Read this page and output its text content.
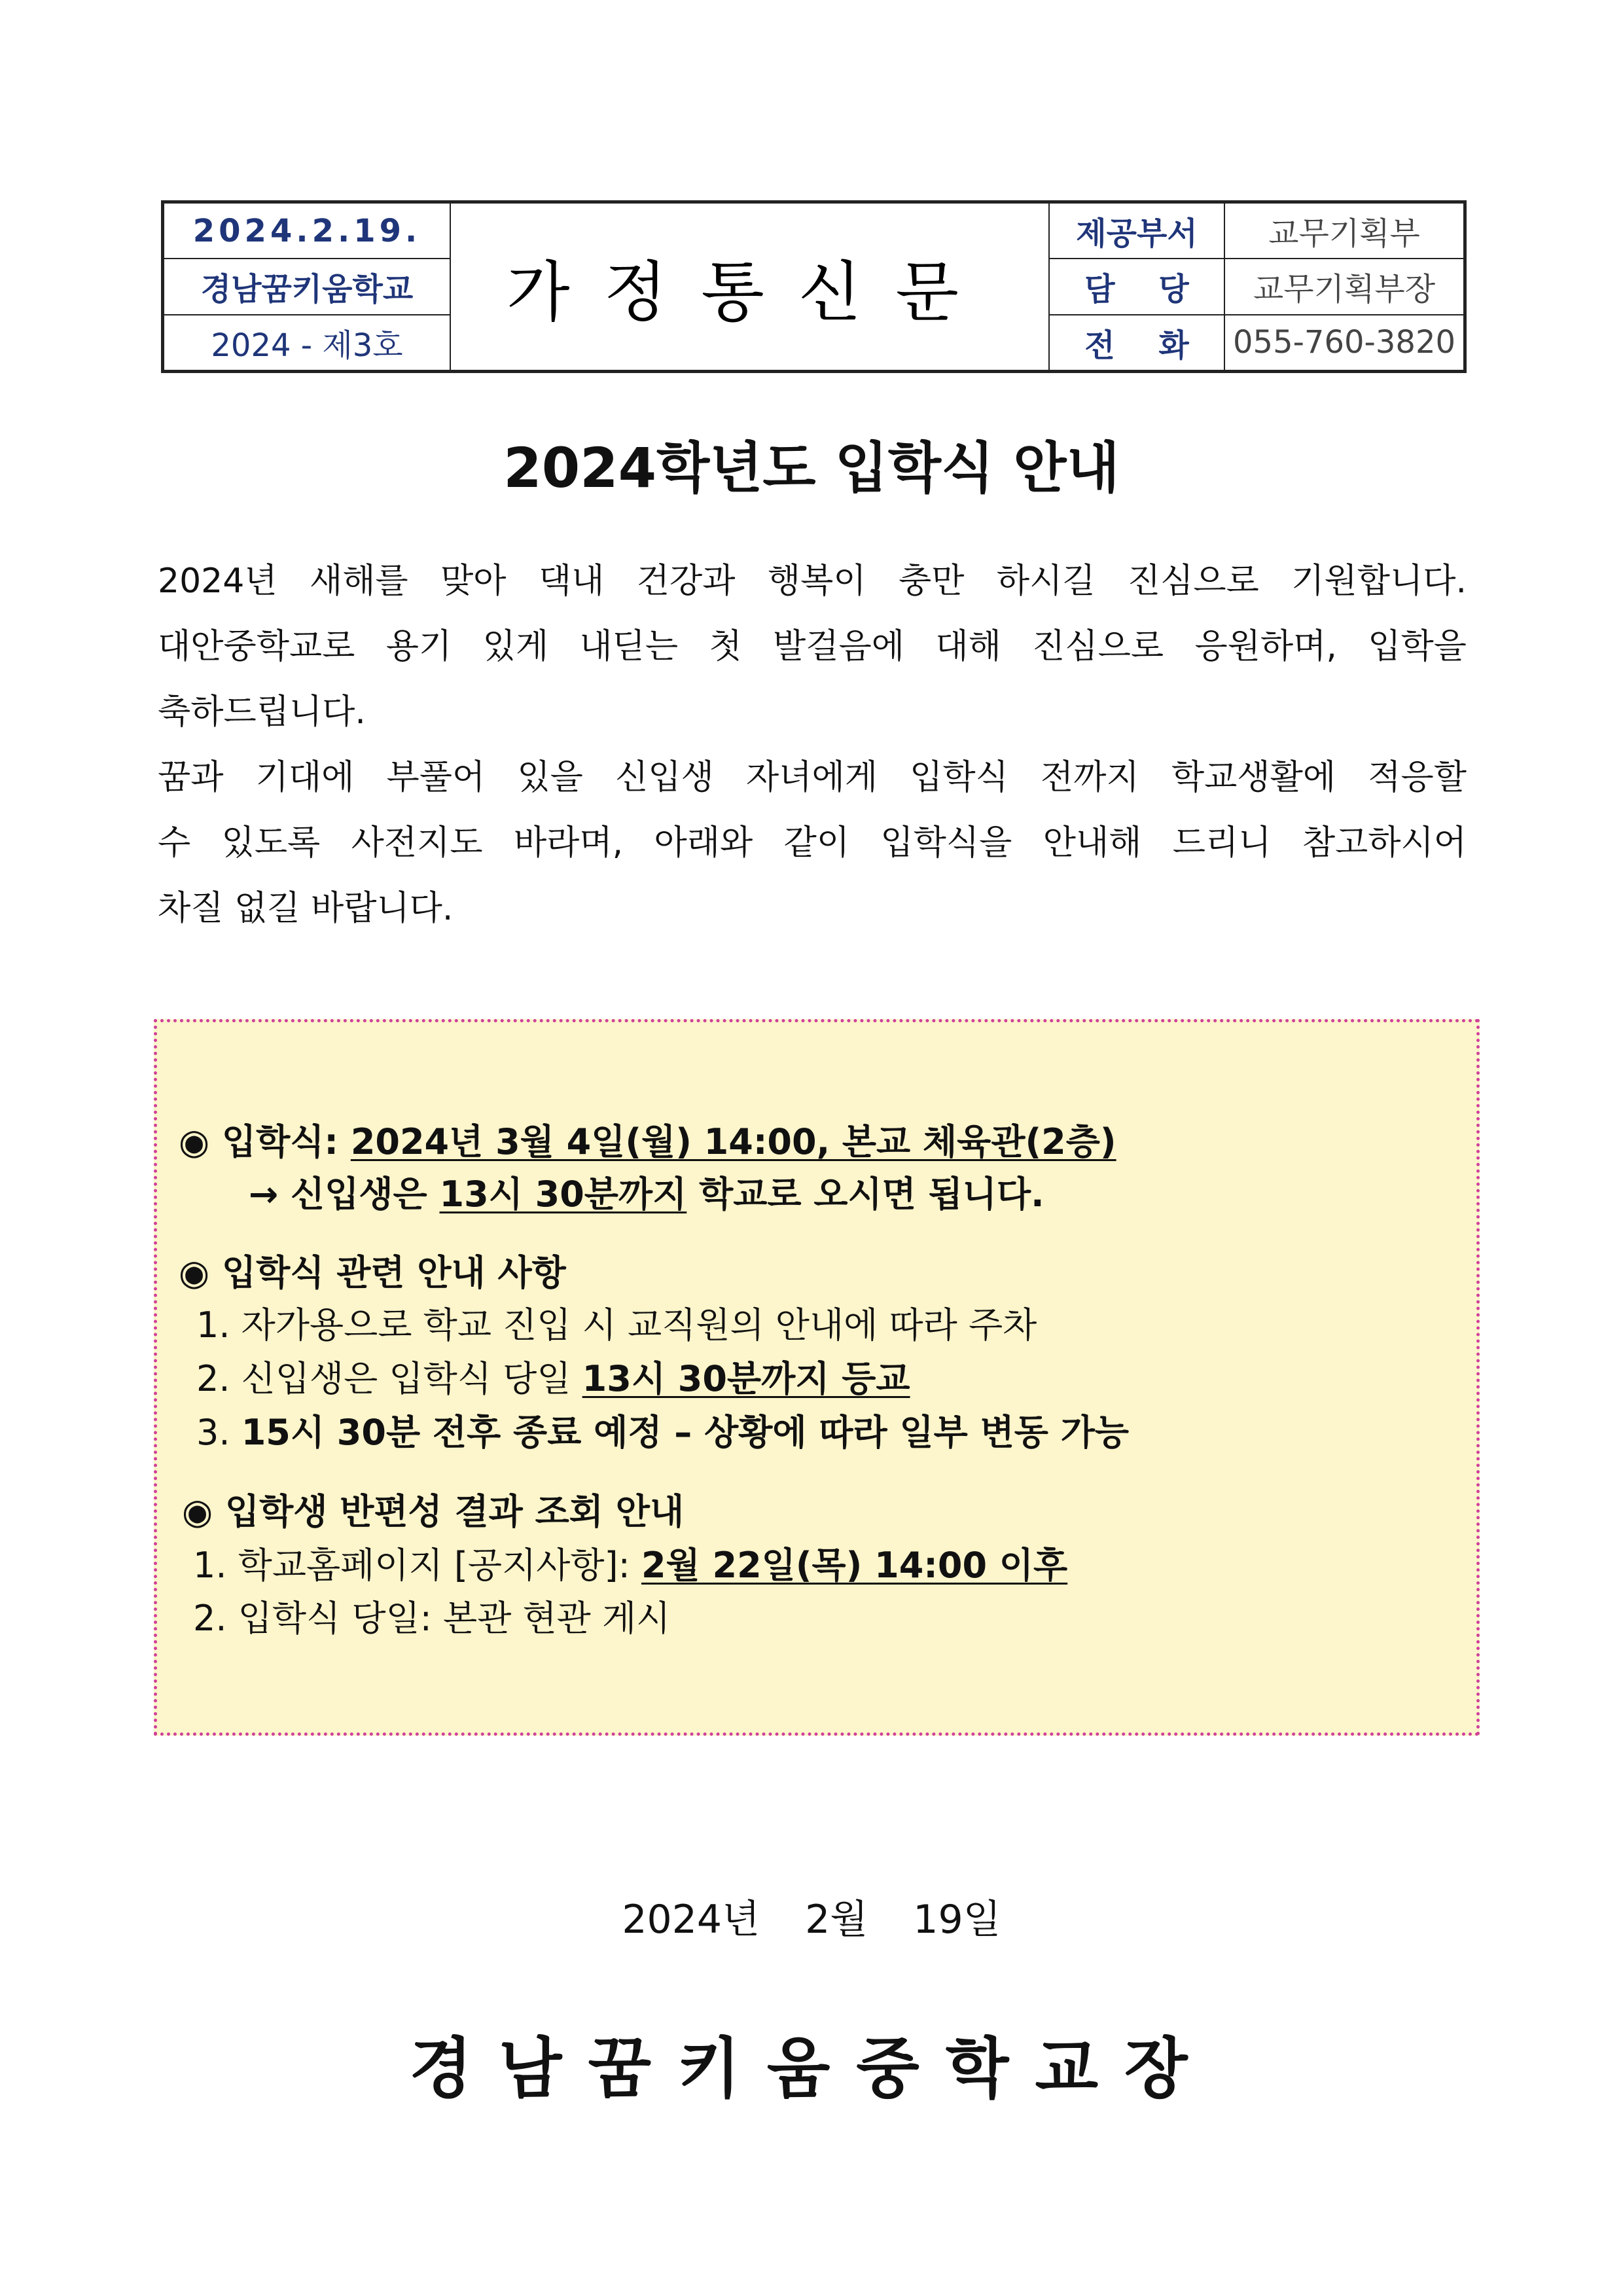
2024.2.19.	가정통신문	제공부서	교무기획부
경남꿈키움학교		담    당	교무기획부장
2024 - 제3호		전    화	055-760-3820
2024학년도 입학식 안내
2024년 새해를 맞아 댁내 건강과 행복이 충만 하시길 진심으로 기원합니다.
대안중학교로 용기 있게 내딛는 첫 발걸음에 대해 진심으로 응원하며, 입학을
축하드립니다.
꿈과 기대에 부풀어 있을 신입생 자녀에게 입학식 전까지 학교생활에 적응할
수 있도록 사전지도 바라며, 아래와 같이 입학식을 안내해 드리니 참고하시어
차질 없길 바랍니다.
◉ 입학식: 2024년 3월 4일(월) 14:00, 본교 체육관(2층)
→ 신입생은 13시 30분까지 학교로 오시면 됩니다.
◉ 입학식 관련 안내 사항
1. 자가용으로 학교 진입 시 교직원의 안내에 따라 주차
2. 신입생은 입학식 당일 13시 30분까지 등교
3. 15시 30분 전후 종료 예정 – 상황에 따라 일부 변동 가능
◉ 입학생 반편성 결과 조회 안내
1. 학교홈페이지 [공지사항]: 2월 22일(목) 14:00 이후
2. 입학식 당일: 본관 현관 게시
2024년 2월 19일
경남꿈키움중학교장
